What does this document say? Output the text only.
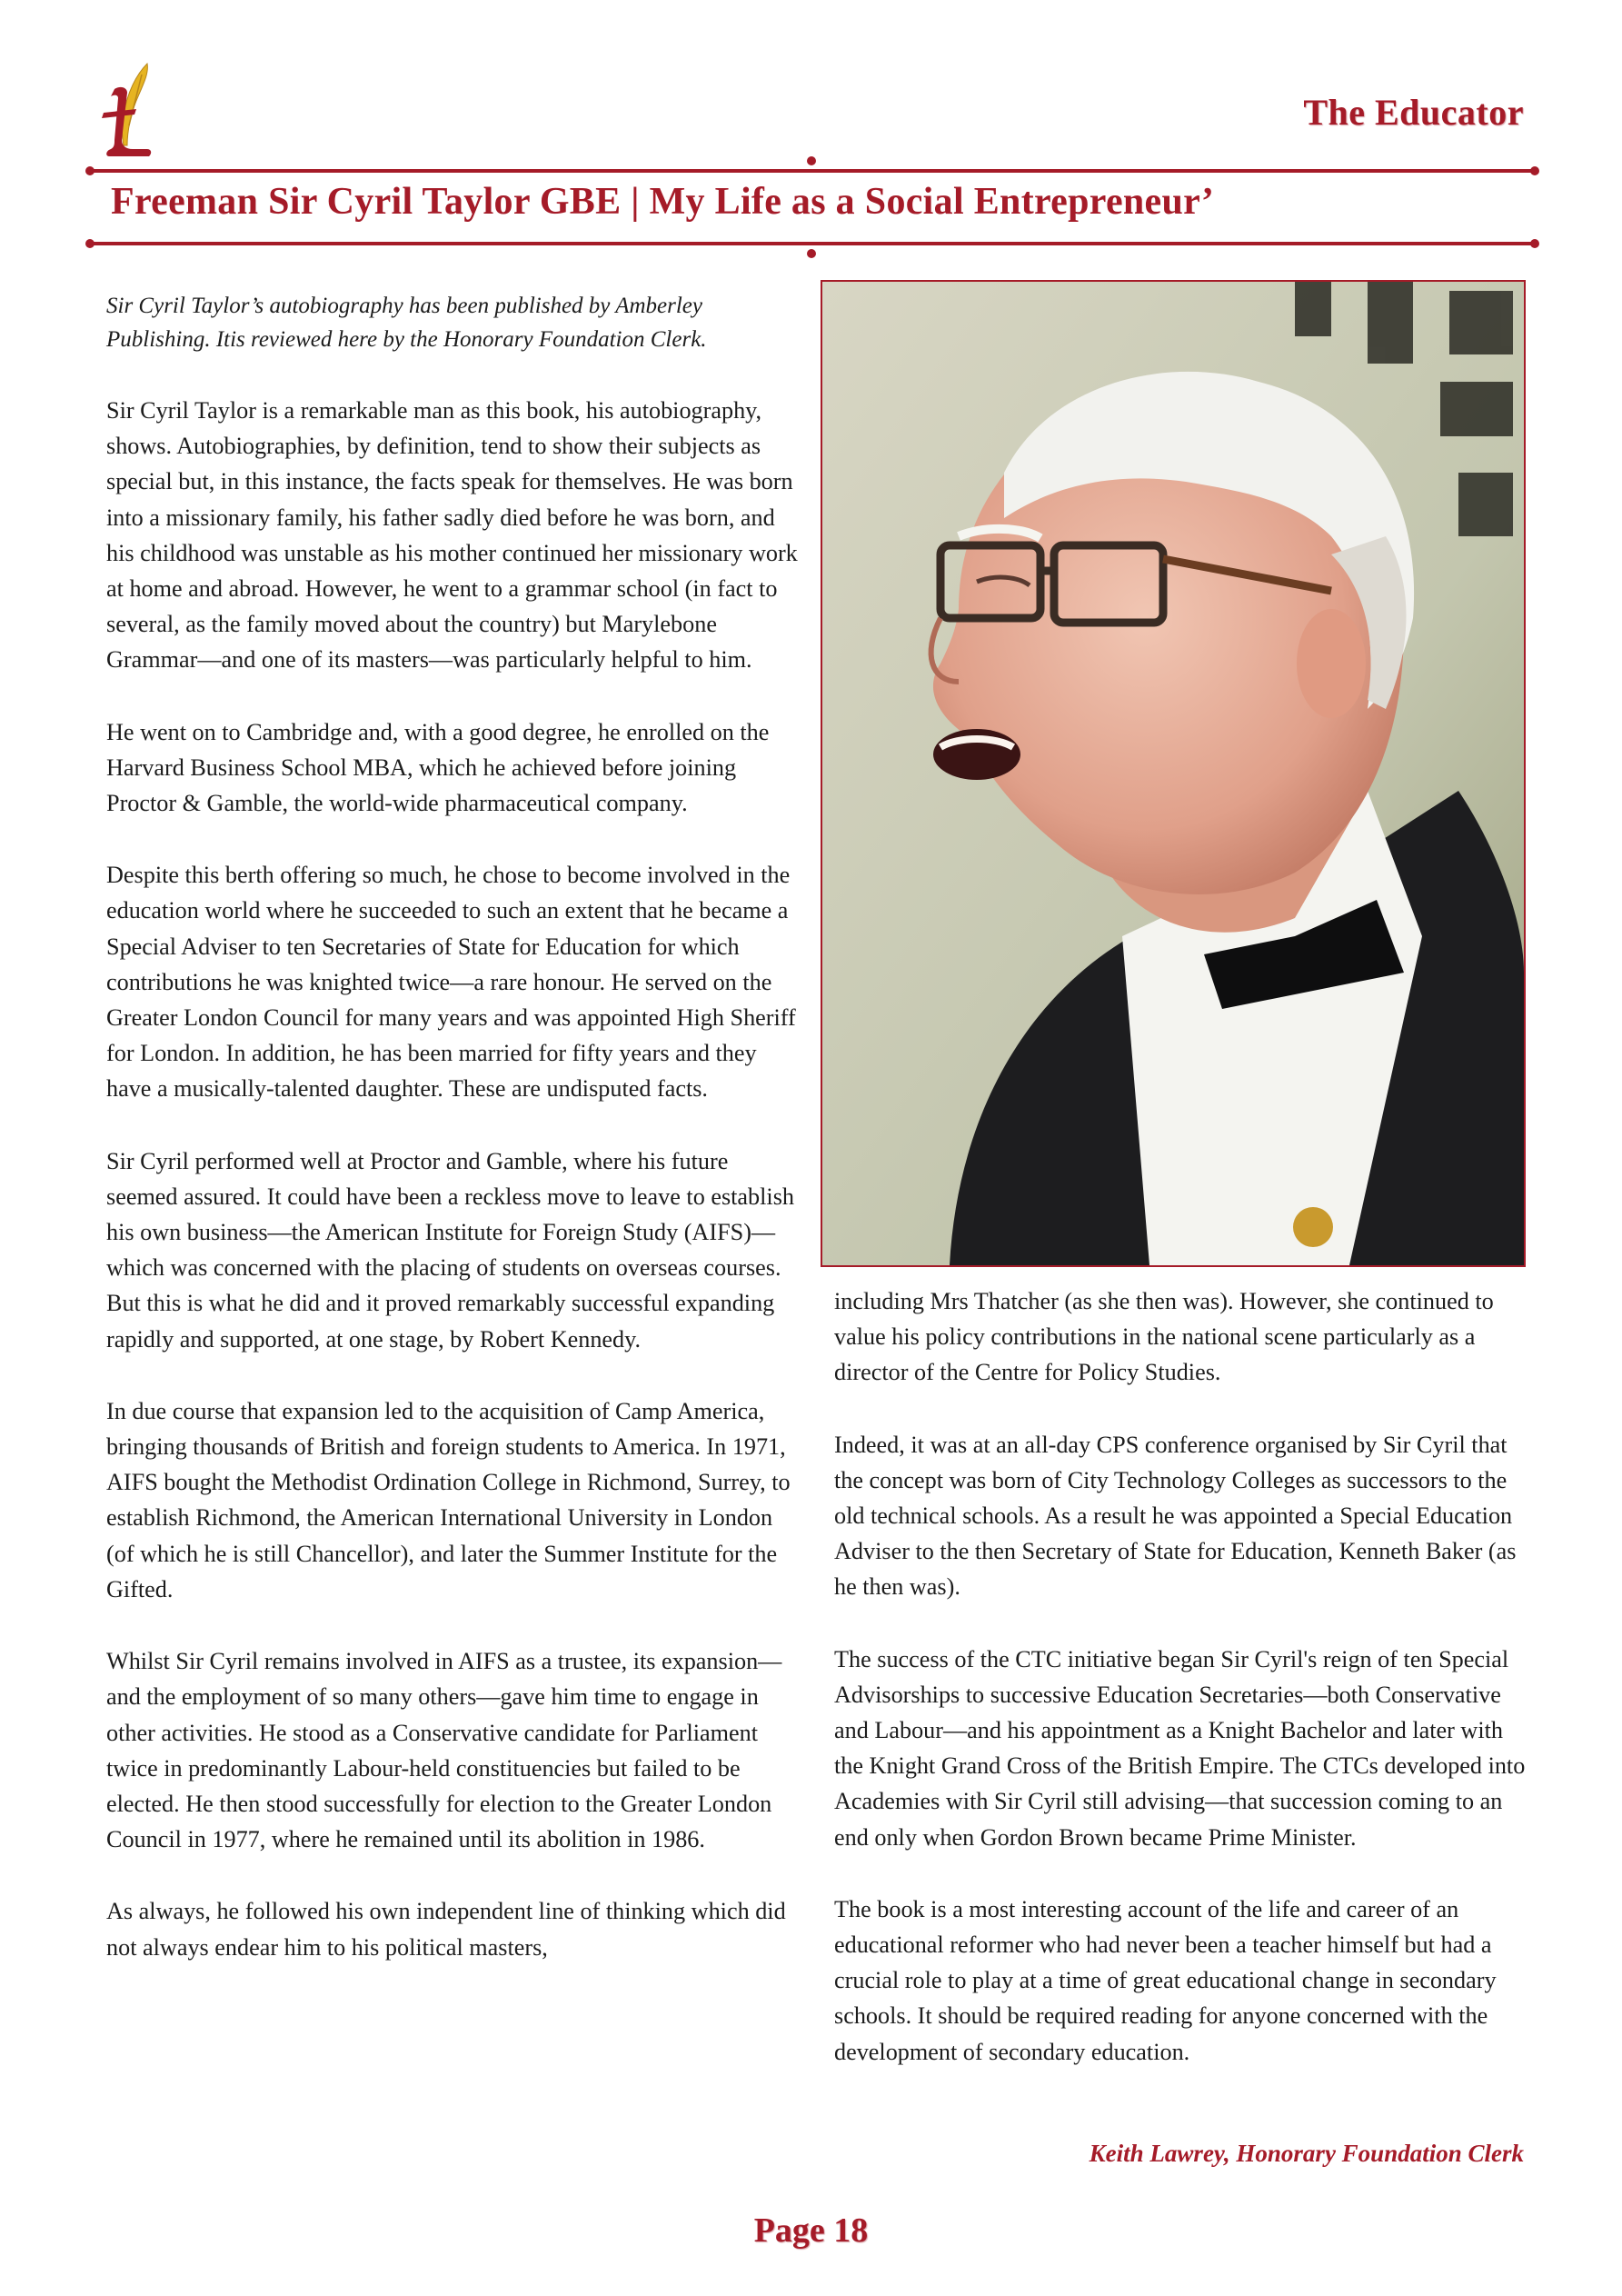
The Educator
Freeman Sir Cyril Taylor GBE | My Life as a Social Entrepreneur’

Sir Cyril Taylor’s autobiography has been published by Amberley Publishing. Itis reviewed here by the Honorary Foundation Clerk.

Sir Cyril Taylor is a remarkable man as this book, his autobiography, shows. Autobiographies, by definition, tend to show their subjects as special but, in this instance, the facts speak for themselves. He was born into a missionary family, his father sadly died before he was born, and his childhood was unstable as his mother continued her missionary work at home and abroad. However, he went to a grammar school (in fact to several, as the family moved about the country) but Marylebone Grammar—and one of its masters—was particularly helpful to him.

He went on to Cambridge and, with a good degree, he enrolled on the Harvard Business School MBA, which he achieved before joining Proctor & Gamble, the world-wide pharmaceutical company.

Despite this berth offering so much, he chose to become involved in the education world where he succeeded to such an extent that he became a Special Adviser to ten Secretaries of State for Education for which contributions he was knighted twice—a rare honour. He served on the Greater London Council for many years and was appointed High Sheriff for London. In addition, he has been married for fifty years and they have a musically-talented daughter. These are undisputed facts.

Sir Cyril performed well at Proctor and Gamble, where his future seemed assured. It could have been a reckless move to leave to establish his own business—the American Institute for Foreign Study (AIFS)—which was concerned with the placing of students on overseas courses. But this is what he did and it proved remarkably successful expanding rapidly and supported, at one stage, by Robert Kennedy.

In due course that expansion led to the acquisition of Camp America, bringing thousands of British and foreign students to America. In 1971, AIFS bought the Methodist Ordination College in Richmond, Surrey, to establish Richmond, the American International University in London (of which he is still Chancellor), and later the Summer Institute for the Gifted.

Whilst Sir Cyril remains involved in AIFS as a trustee, its expansion—and the employment of so many others—gave him time to engage in other activities. He stood as a Conservative candidate for Parliament twice in predominantly Labour-held constituencies but failed to be elected. He then stood successfully for election to the Greater London Council in 1977, where he remained until its abolition in 1986.

As always, he followed his own independent line of thinking which did not always endear him to his political masters,

including Mrs Thatcher (as she then was). However, she continued to value his policy contributions in the national scene particularly as a director of the Centre for Policy Studies.

Indeed, it was at an all-day CPS conference organised by Sir Cyril that the concept was born of City Technology Colleges as successors to the old technical schools. As a result he was appointed a Special Education Adviser to the then Secretary of State for Education, Kenneth Baker (as he then was).

The success of the CTC initiative began Sir Cyril's reign of ten Special Advisorships to successive Education Secretaries—both Conservative and Labour—and his appointment as a Knight Bachelor and later with the Knight Grand Cross of the British Empire. The CTCs developed into Academies with Sir Cyril still advising—that succession coming to an end only when Gordon Brown became Prime Minister.

The book is a most interesting account of the life and career of an educational reformer who had never been a teacher himself but had a crucial role to play at a time of great educational change in secondary schools. It should be required reading for anyone concerned with the development of secondary education.

Keith Lawrey, Honorary Foundation Clerk
Page 18
